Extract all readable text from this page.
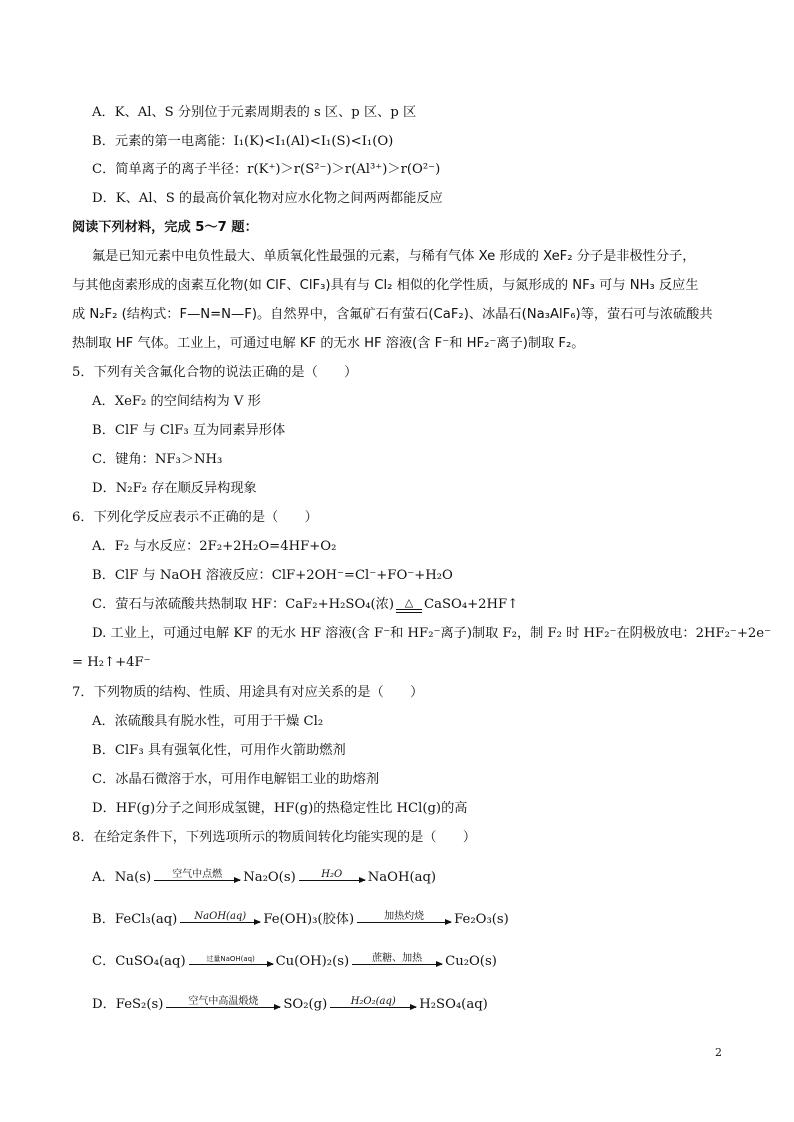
A．K、Al、S 分别位于元素周期表的 s 区、p 区、p 区
B．元素的第一电离能：I₁(K)<I₁(Al)<I₁(S)<I₁(O)
C．简单离子的离子半径：r(K⁺)＞r(S²⁻)＞r(Al³⁺)＞r(O²⁻)
D．K、Al、S 的最高价氧化物对应水化物之间两两都能反应
阅读下列材料，完成 5～7 题：
氟是已知元素中电负性最大、单质氧化性最强的元素，与稀有气体 Xe 形成的 XeF₂ 分子是非极性分子，
与其他卤素形成的卤素互化物(如 ClF、ClF₃)具有与 Cl₂ 相似的化学性质，与氮形成的 NF₃ 可与 NH₃ 反应生
成 N₂F₂ (结构式：F—N=N—F)。自然界中，含氟矿石有萤石(CaF₂)、冰晶石(Na₃AlF₆)等，萤石可与浓硫酸共
热制取 HF 气体。工业上，可通过电解 KF 的无水 HF 溶液(含 F⁻和 HF₂⁻离子)制取 F₂。
5．下列有关含氟化合物的说法正确的是（　　）
A．XeF₂ 的空间结构为 V 形
B．ClF 与 ClF₃ 互为同素异形体
C．键角：NF₃＞NH₃
D．N₂F₂ 存在顺反异构现象
6．下列化学反应表示不正确的是（　　）
A．F₂ 与水反应：2F₂+2H₂O=4HF+O₂
B．ClF 与 NaOH 溶液反应：ClF+2OH⁻=Cl⁻+FO⁻+H₂O
C．萤石与浓硫酸共热制取 HF：CaF₂+H₂SO₄(浓) △ CaSO₄+2HF↑
D. 工业上，可通过电解 KF 的无水 HF 溶液(含 F⁻和 HF₂⁻离子)制取 F₂，制 F₂ 时 HF₂⁻在阴极放电：2HF₂⁻+2e⁻
= H₂↑+4F⁻
7．下列物质的结构、性质、用途具有对应关系的是（　　）
A．浓硫酸具有脱水性，可用于干燥 Cl₂
B．ClF₃ 具有强氧化性，可用作火箭助燃剂
C．冰晶石微溶于水，可用作电解铝工业的助熔剂
D．HF(g)分子之间形成氢键，HF(g)的热稳定性比 HCl(g)的高
8．在给定条件下，下列选项所示的物质间转化均能实现的是（　　）
A． Na(s) 空气中点燃 Na₂O(s)	H₂O NaOH(aq)
B． FeCl₃(aq) NaOH(aq) Fe(OH)₃(胶体)	加热灼烧 Fe₂O₃(s)
C． CuSO₄(aq)	过量NaOH(aq) Cu(OH)₂(s) 蔗糖、加热 Cu₂O(s)
D． FeS₂(s)	空气中高温煅烧 SO₂(g) H₂O₂(aq) H₂SO₄(aq)
2
